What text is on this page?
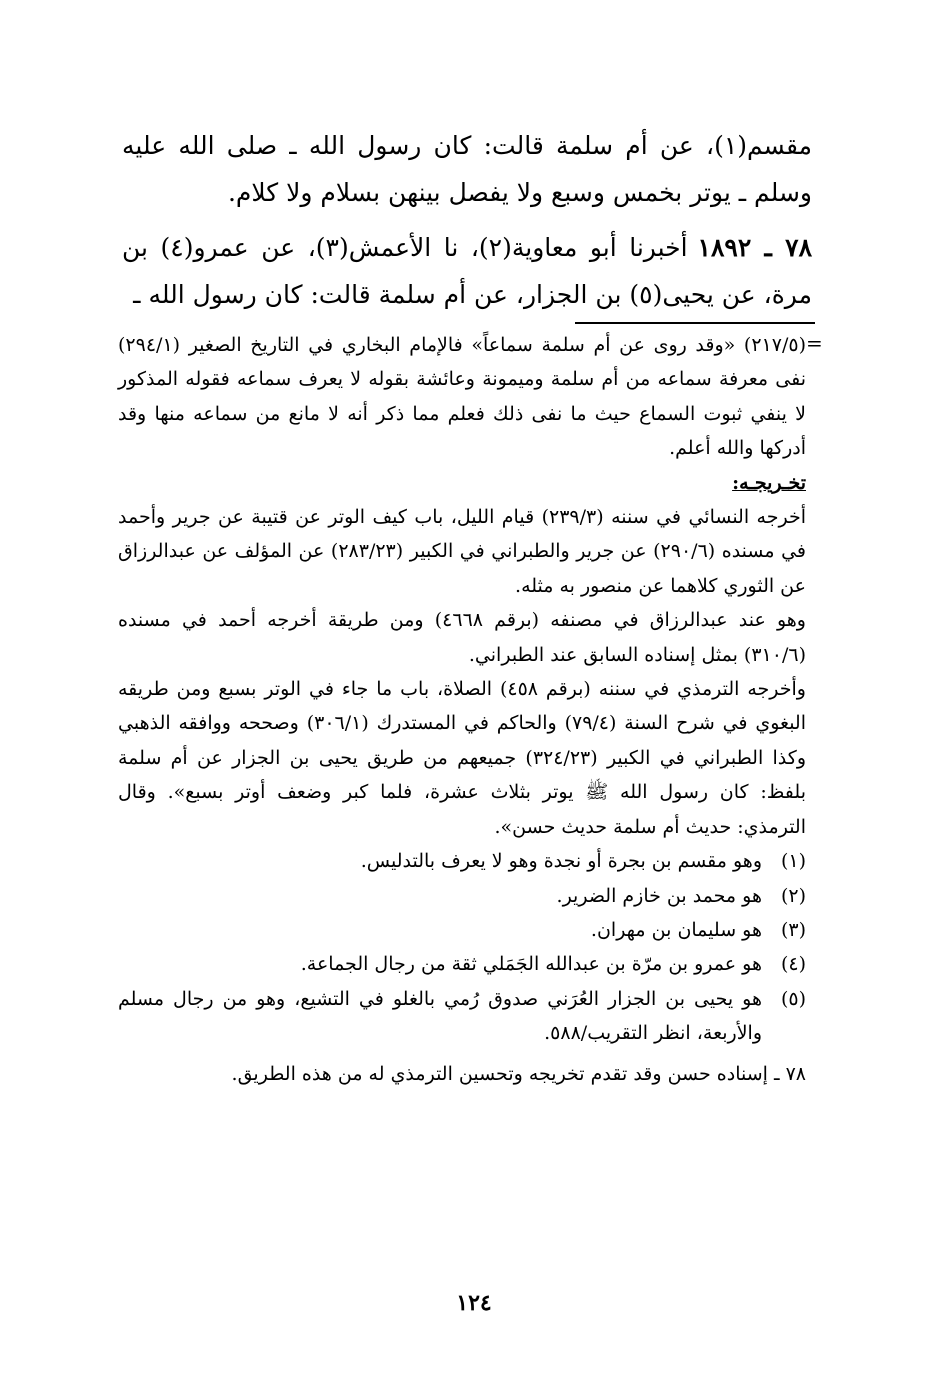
مقسم(١)، عن أم سلمة قالت: كان رسول الله ـ صلى الله عليه وسلم ـ يوتر بخمس وسبع ولا يفصل بينهن بسلام ولا كلام.

٧٨ ـ ١٨٩٢أخبرنا أبو معاوية(٢)، نا الأعمش(٣)، عن عمرو(٤) بن مرة، عن يحيى(٥) بن الجزار، عن أم سلمة قالت: كان رسول الله ـ

=

(٢١٧/٥) «وقد روى عن أم سلمة سماعاً» فالإمام البخاري في التاريخ الصغير (٢٩٤/١) نفى معرفة سماعه من أم سلمة وميمونة وعائشة بقوله لا يعرف سماعه فقوله المذكور لا ينفي ثبوت السماع حيث ما نفى ذلك فعلم مما ذكر أنه لا مانع من سماعه منها وقد أدركها والله أعلم.

تخـريجـه:

أخرجه النسائي في سننه (٢٣٩/٣) قيام الليل، باب كيف الوتر عن قتيبة عن جرير وأحمد في مسنده (٢٩٠/٦) عن جرير والطبراني في الكبير (٢٨٣/٢٣) عن المؤلف عن عبدالرزاق عن الثوري كلاهما عن منصور به مثله.

وهو عند عبدالرزاق في مصنفه (برقم ٤٦٦٨) ومن طريقة أخرجه أحمد في مسنده (٣١٠/٦) بمثل إسناده السابق عند الطبراني.

وأخرجه الترمذي في سننه (برقم ٤٥٨) الصلاة، باب ما جاء في الوتر بسبع ومن طريقه البغوي في شرح السنة (٧٩/٤) والحاكم في المستدرك (٣٠٦/١) وصححه ووافقه الذهبي وكذا الطبراني في الكبير (٣٢٤/٢٣) جميعهم من طريق يحيى بن الجزار عن أم سلمة بلفظ: كان رسول الله ﷺ يوتر بثلاث عشرة، فلما كبر وضعف أوتر بسبع». وقال الترمذي: حديث أم سلمة حديث حسن».

(١)
وهو مقسم بن بجرة أو نجدة وهو لا يعرف بالتدليس.
(٢)
هو محمد بن خازم الضرير.
(٣)
هو سليمان بن مهران.
(٤)
هو عمرو بن مرّة بن عبدالله الجَمَلي ثقة من رجال الجماعة.
(٥)
هو يحيى بن الجزار العُرَني صدوق رُمي بالغلو في التشيع، وهو من رجال مسلم والأربعة، انظر التقريب/٥٨٨.

٧٨ ـ إسناده حسن وقد تقدم تخريجه وتحسين الترمذي له من هذه الطريق.

١٢٤
